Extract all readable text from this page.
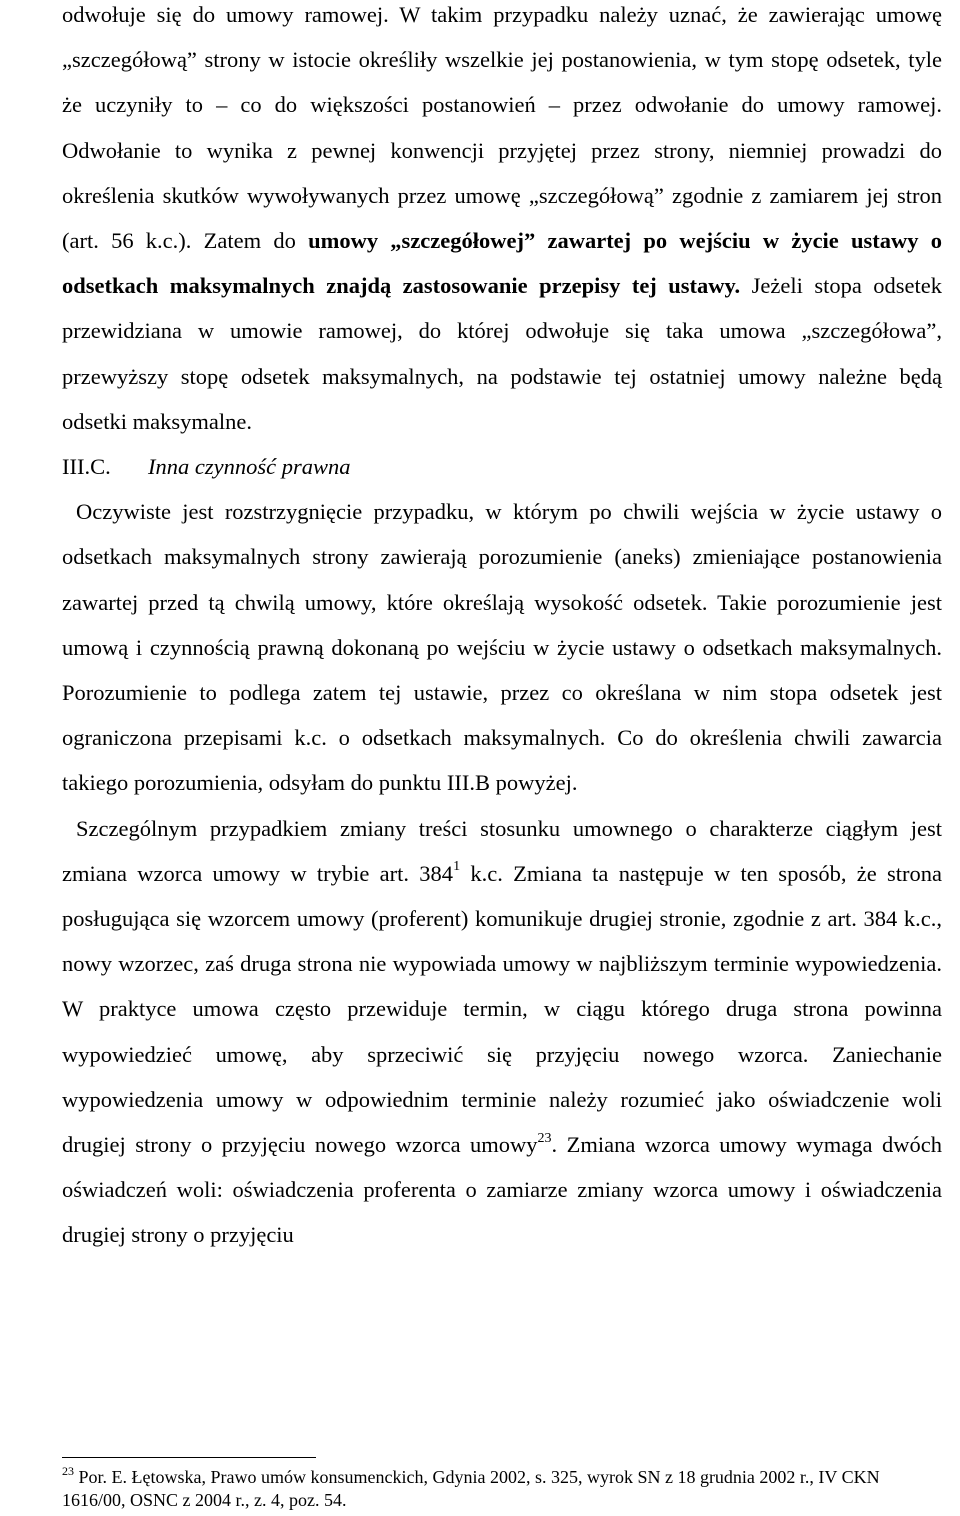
odwołuje się do umowy ramowej. W takim przypadku należy uznać, że zawierając umowę „szczegółową” strony w istocie określiły wszelkie jej postanowienia, w tym stopę odsetek, tyle że uczyniły to – co do większości postanowień – przez odwołanie do umowy ramowej. Odwołanie to wynika z pewnej konwencji przyjętej przez strony, niemniej prowadzi do określenia skutków wywoływanych przez umowę „szczegółową” zgodnie z zamiarem jej stron (art. 56 k.c.). Zatem do umowy „szczegółowej” zawartej po wejściu w życie ustawy o odsetkach maksymalnych znajdą zastosowanie przepisy tej ustawy. Jeżeli stopa odsetek przewidziana w umowie ramowej, do której odwołuje się taka umowa „szczegółowa”, przewyższy stopę odsetek maksymalnych, na podstawie tej ostatniej umowy należne będą odsetki maksymalne.

III.C. Inna czynność prawna

Oczywiste jest rozstrzygnięcie przypadku, w którym po chwili wejścia w życie ustawy o odsetkach maksymalnych strony zawierają porozumienie (aneks) zmieniające postanowienia zawartej przed tą chwilą umowy, które określają wysokość odsetek. Takie porozumienie jest umową i czynnością prawną dokonaną po wejściu w życie ustawy o odsetkach maksymalnych. Porozumienie to podlega zatem tej ustawie, przez co określana w nim stopa odsetek jest ograniczona przepisami k.c. o odsetkach maksymalnych. Co do określenia chwili zawarcia takiego porozumienia, odsyłam do punktu III.B powyżej.

Szczególnym przypadkiem zmiany treści stosunku umownego o charakterze ciągłym jest zmiana wzorca umowy w trybie art. $384^1$ k.c. Zmiana ta następuje w ten sposób, że strona posługująca się wzorcem umowy (proferent) komunikuje drugiej stronie, zgodnie z art. 384 k.c., nowy wzorzec, zaś druga strona nie wypowiada umowy w najbliższym terminie wypowiedzenia. W praktyce umowa często przewiduje termin, w ciągu którego druga strona powinna wypowiedzieć umowę, aby sprzeciwić się przyjęciu nowego wzorca. Zaniechanie wypowiedzenia umowy w odpowiednim terminie należy rozumieć jako oświadczenie woli drugiej strony o przyjęciu nowego wzorca umowy$^{23}$. Zmiana wzorca umowy wymaga dwóch oświadczeń woli: oświadczenia proferenta o zamiarze zmiany wzorca umowy i oświadczenia drugiej strony o przyjęciu

$^{23}$ Por. E. Łętowska, Prawo umów konsumenckich, Gdynia 2002, s. 325, wyrok SN z 18 grudnia 2002 r., IV CKN 1616/00, OSNC z 2004 r., z. 4, poz. 54.
